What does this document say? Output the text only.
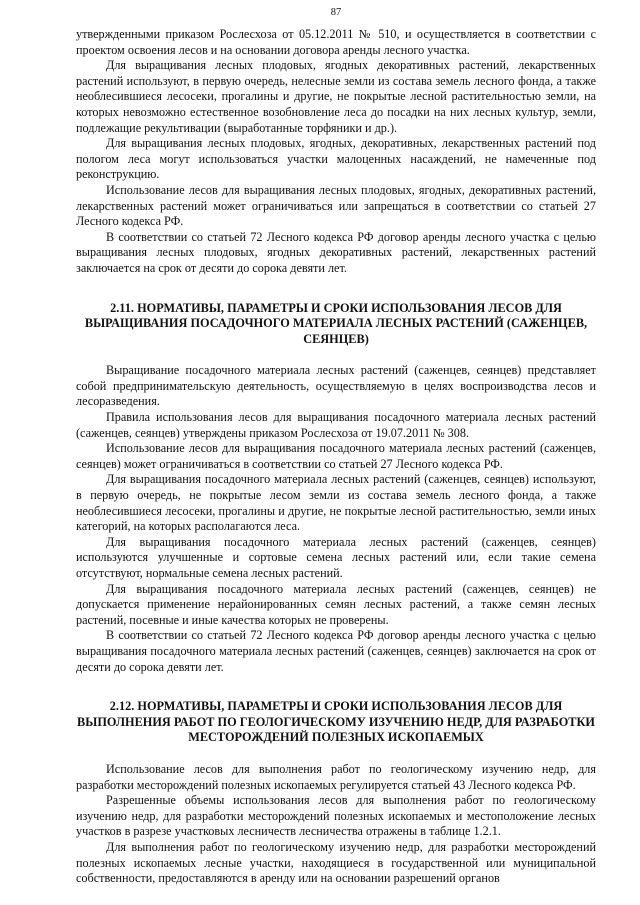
87

утвержденными приказом Рослесхоза от 05.12.2011 № 510, и осуществляется в соответствии с проектом освоения лесов и на основании договора аренды лесного участка.

Для выращивания лесных плодовых, ягодных декоративных растений, лекарственных растений используют, в первую очередь, нелесные земли из состава земель лесного фонда, а также необлесившиеся лесосеки, прогалины и другие, не покрытые лесной растительностью земли, на которых невозможно естественное возобновление леса до посадки на них лесных культур, земли, подлежащие рекультивации (выработанные торфяники и др.).

Для выращивания лесных плодовых, ягодных, декоративных, лекарственных растений под пологом леса могут использоваться участки малоценных насаждений, не намеченные под реконструкцию.

Использование лесов для выращивания лесных плодовых, ягодных, декоративных растений, лекарственных растений может ограничиваться или запрещаться в соответствии со статьей 27 Лесного кодекса РФ.

В соответствии со статьей 72 Лесного кодекса РФ договор аренды лесного участка с целью выращивания лесных плодовых, ягодных декоративных растений, лекарственных растений заключается на срок от десяти до сорока девяти лет.

2.11. НОРМАТИВЫ, ПАРАМЕТРЫ И СРОКИ ИСПОЛЬЗОВАНИЯ ЛЕСОВ ДЛЯ ВЫРАЩИВАНИЯ ПОСАДОЧНОГО МАТЕРИАЛА ЛЕСНЫХ РАСТЕНИЙ (САЖЕНЦЕВ, СЕЯНЦЕВ)

Выращивание посадочного материала лесных растений (саженцев, сеянцев) представляет собой предпринимательскую деятельность, осуществляемую в целях воспроизводства лесов и лесоразведения.

Правила использования лесов для выращивания посадочного материала лесных растений (саженцев, сеянцев) утверждены приказом Рослесхоза от 19.07.2011 № 308.

Использование лесов для выращивания посадочного материала лесных растений (саженцев, сеянцев) может ограничиваться в соответствии со статьей 27 Лесного кодекса РФ.

Для выращивания посадочного материала лесных растений (саженцев, сеянцев) используют, в первую очередь, не покрытые лесом земли из состава земель лесного фонда, а также необлесившиеся лесосеки, прогалины и другие, не покрытые лесной растительностью, земли иных категорий, на которых располагаются леса.

Для выращивания посадочного материала лесных растений (саженцев, сеянцев) используются улучшенные и сортовые семена лесных растений или, если такие семена отсутствуют, нормальные семена лесных растений.

Для выращивания посадочного материала лесных растений (саженцев, сеянцев) не допускается применение нерайонированных семян лесных растений, а также семян лесных растений, посевные и иные качества которых не проверены.

В соответствии со статьей 72 Лесного кодекса РФ договор аренды лесного участка с целью выращивания посадочного материала лесных растений (саженцев, сеянцев) заключается на срок от десяти до сорока девяти лет.

2.12. НОРМАТИВЫ, ПАРАМЕТРЫ И СРОКИ ИСПОЛЬЗОВАНИЯ ЛЕСОВ ДЛЯ ВЫПОЛНЕНИЯ РАБОТ ПО ГЕОЛОГИЧЕСКОМУ ИЗУЧЕНИЮ НЕДР, ДЛЯ РАЗРАБОТКИ МЕСТОРОЖДЕНИЙ ПОЛЕЗНЫХ ИСКОПАЕМЫХ

Использование лесов для выполнения работ по геологическому изучению недр, для разработки месторождений полезных ископаемых регулируется статьей 43 Лесного кодекса РФ.

Разрешенные объемы использования лесов для выполнения работ по геологическому изучению недр, для разработки месторождений полезных ископаемых и местоположение лесных участков в разрезе участковых лесничеств лесничества отражены в таблице 1.2.1.

Для выполнения работ по геологическому изучению недр, для разработки месторождений полезных ископаемых лесные участки, находящиеся в государственной или муниципальной собственности, предоставляются в аренду или на основании разрешений органов
